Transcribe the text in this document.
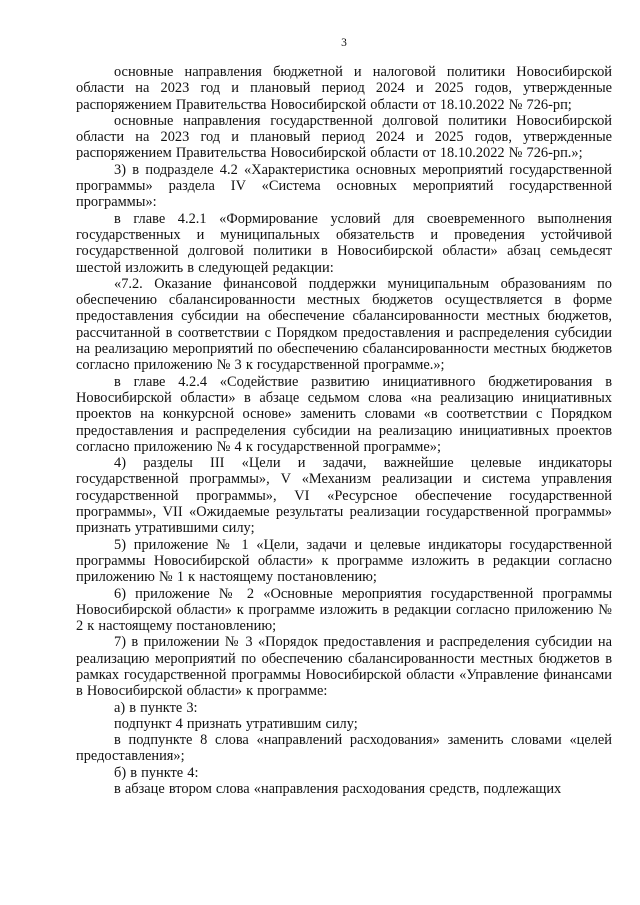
3

основные направления бюджетной и налоговой политики Новосибирской области на 2023 год и плановый период 2024 и 2025 годов, утвержденные распоряжением Правительства Новосибирской области от 18.10.2022 № 726-рп;

основные направления государственной долговой политики Новосибирской области на 2023 год и плановый период 2024 и 2025 годов, утвержденные распоряжением Правительства Новосибирской области от 18.10.2022 № 726-рп.»;

3) в подразделе 4.2 «Характеристика основных мероприятий государственной программы» раздела IV «Система основных мероприятий государственной программы»:

в главе 4.2.1 «Формирование условий для своевременного выполнения государственных и муниципальных обязательств и проведения устойчивой государственной долговой политики в Новосибирской области» абзац семьдесят шестой изложить в следующей редакции:

«7.2. Оказание финансовой поддержки муниципальным образованиям по обеспечению сбалансированности местных бюджетов осуществляется в форме предоставления субсидии на обеспечение сбалансированности местных бюджетов, рассчитанной в соответствии с Порядком предоставления и распределения субсидии на реализацию мероприятий по обеспечению сбалансированности местных бюджетов согласно приложению № 3 к государственной программе.»;

в главе 4.2.4 «Содействие развитию инициативного бюджетирования в Новосибирской области» в абзаце седьмом слова «на реализацию инициативных проектов на конкурсной основе» заменить словами «в соответствии с Порядком предоставления и распределения субсидии на реализацию инициативных проектов согласно приложению № 4 к государственной программе»;

4) разделы III «Цели и задачи, важнейшие целевые индикаторы государственной программы», V «Механизм реализации и система управления государственной программы», VI «Ресурсное обеспечение государственной программы», VII «Ожидаемые результаты реализации государственной программы» признать утратившими силу;

5) приложение № 1 «Цели, задачи и целевые индикаторы государственной программы Новосибирской области» к программе изложить в редакции согласно приложению № 1 к настоящему постановлению;

6) приложение № 2 «Основные мероприятия государственной программы Новосибирской области» к программе изложить в редакции согласно приложению № 2 к настоящему постановлению;

7) в приложении № 3 «Порядок предоставления и распределения субсидии на реализацию мероприятий по обеспечению сбалансированности местных бюджетов в рамках государственной программы Новосибирской области «Управление финансами в Новосибирской области» к программе:

а) в пункте 3:

подпункт 4 признать утратившим силу;

в подпункте 8 слова «направлений расходования» заменить словами «целей предоставления»;

б) в пункте 4:

в абзаце втором слова «направления расходования средств, подлежащих
